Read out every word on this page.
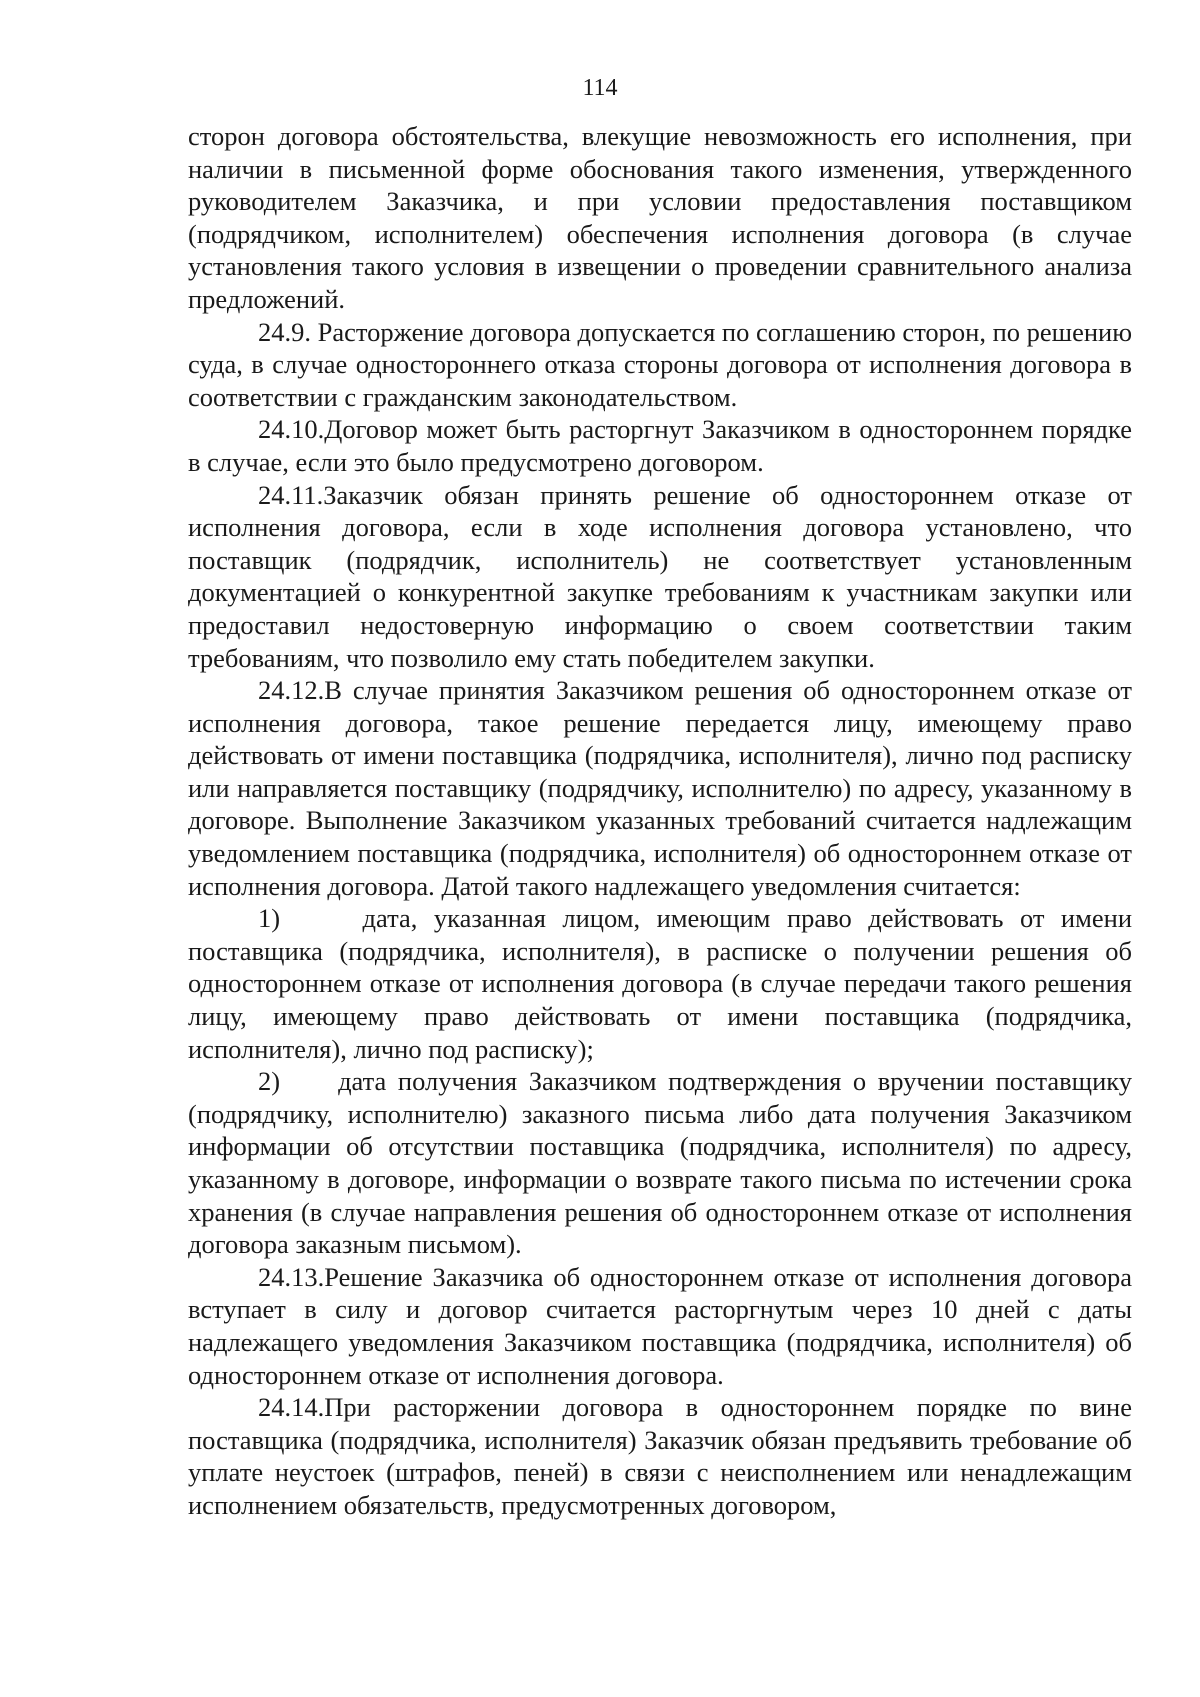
114

сторон договора обстоятельства, влекущие невозможность его исполнения, при наличии в письменной форме обоснования такого изменения, утвержденного руководителем Заказчика, и при условии предоставления поставщиком (подрядчиком, исполнителем) обеспечения исполнения договора (в случае установления такого условия в извещении о проведении сравнительного анализа предложений.

24.9. Расторжение договора допускается по соглашению сторон, по решению суда, в случае одностороннего отказа стороны договора от исполнения договора в соответствии с гражданским законодательством.

24.10.Договор может быть расторгнут Заказчиком в одностороннем порядке в случае, если это было предусмотрено договором.

24.11.Заказчик обязан принять решение об одностороннем отказе от исполнения договора, если в ходе исполнения договора установлено, что поставщик (подрядчик, исполнитель) не соответствует установленным документацией о конкурентной закупке требованиям к участникам закупки или предоставил недостоверную информацию о своем соответствии таким требованиям, что позволило ему стать победителем закупки.

24.12.В случае принятия Заказчиком решения об одностороннем отказе от исполнения договора, такое решение передается лицу, имеющему право действовать от имени поставщика (подрядчика, исполнителя), лично под расписку или направляется поставщику (подрядчику, исполнителю) по адресу, указанному в договоре. Выполнение Заказчиком указанных требований считается надлежащим уведомлением поставщика (подрядчика, исполнителя) об одностороннем отказе от исполнения договора. Датой такого надлежащего уведомления считается:

1)     дата, указанная лицом, имеющим право действовать от имени поставщика (подрядчика, исполнителя), в расписке о получении решения об одностороннем отказе от исполнения договора (в случае передачи такого решения лицу, имеющему право действовать от имени поставщика (подрядчика, исполнителя), лично под расписку);

2)     дата получения Заказчиком подтверждения о вручении поставщику (подрядчику, исполнителю) заказного письма либо дата получения Заказчиком информации об отсутствии поставщика (подрядчика, исполнителя) по адресу, указанному в договоре, информации о возврате такого письма по истечении срока хранения (в случае направления решения об одностороннем отказе от исполнения договора заказным письмом).

24.13.Решение Заказчика об одностороннем отказе от исполнения договора вступает в силу и договор считается расторгнутым через 10 дней с даты надлежащего уведомления Заказчиком поставщика (подрядчика, исполнителя) об одностороннем отказе от исполнения договора.

24.14.При расторжении договора в одностороннем порядке по вине поставщика (подрядчика, исполнителя) Заказчик обязан предъявить требование об уплате неустоек (штрафов, пеней) в связи с неисполнением или ненадлежащим исполнением обязательств, предусмотренных договором,
